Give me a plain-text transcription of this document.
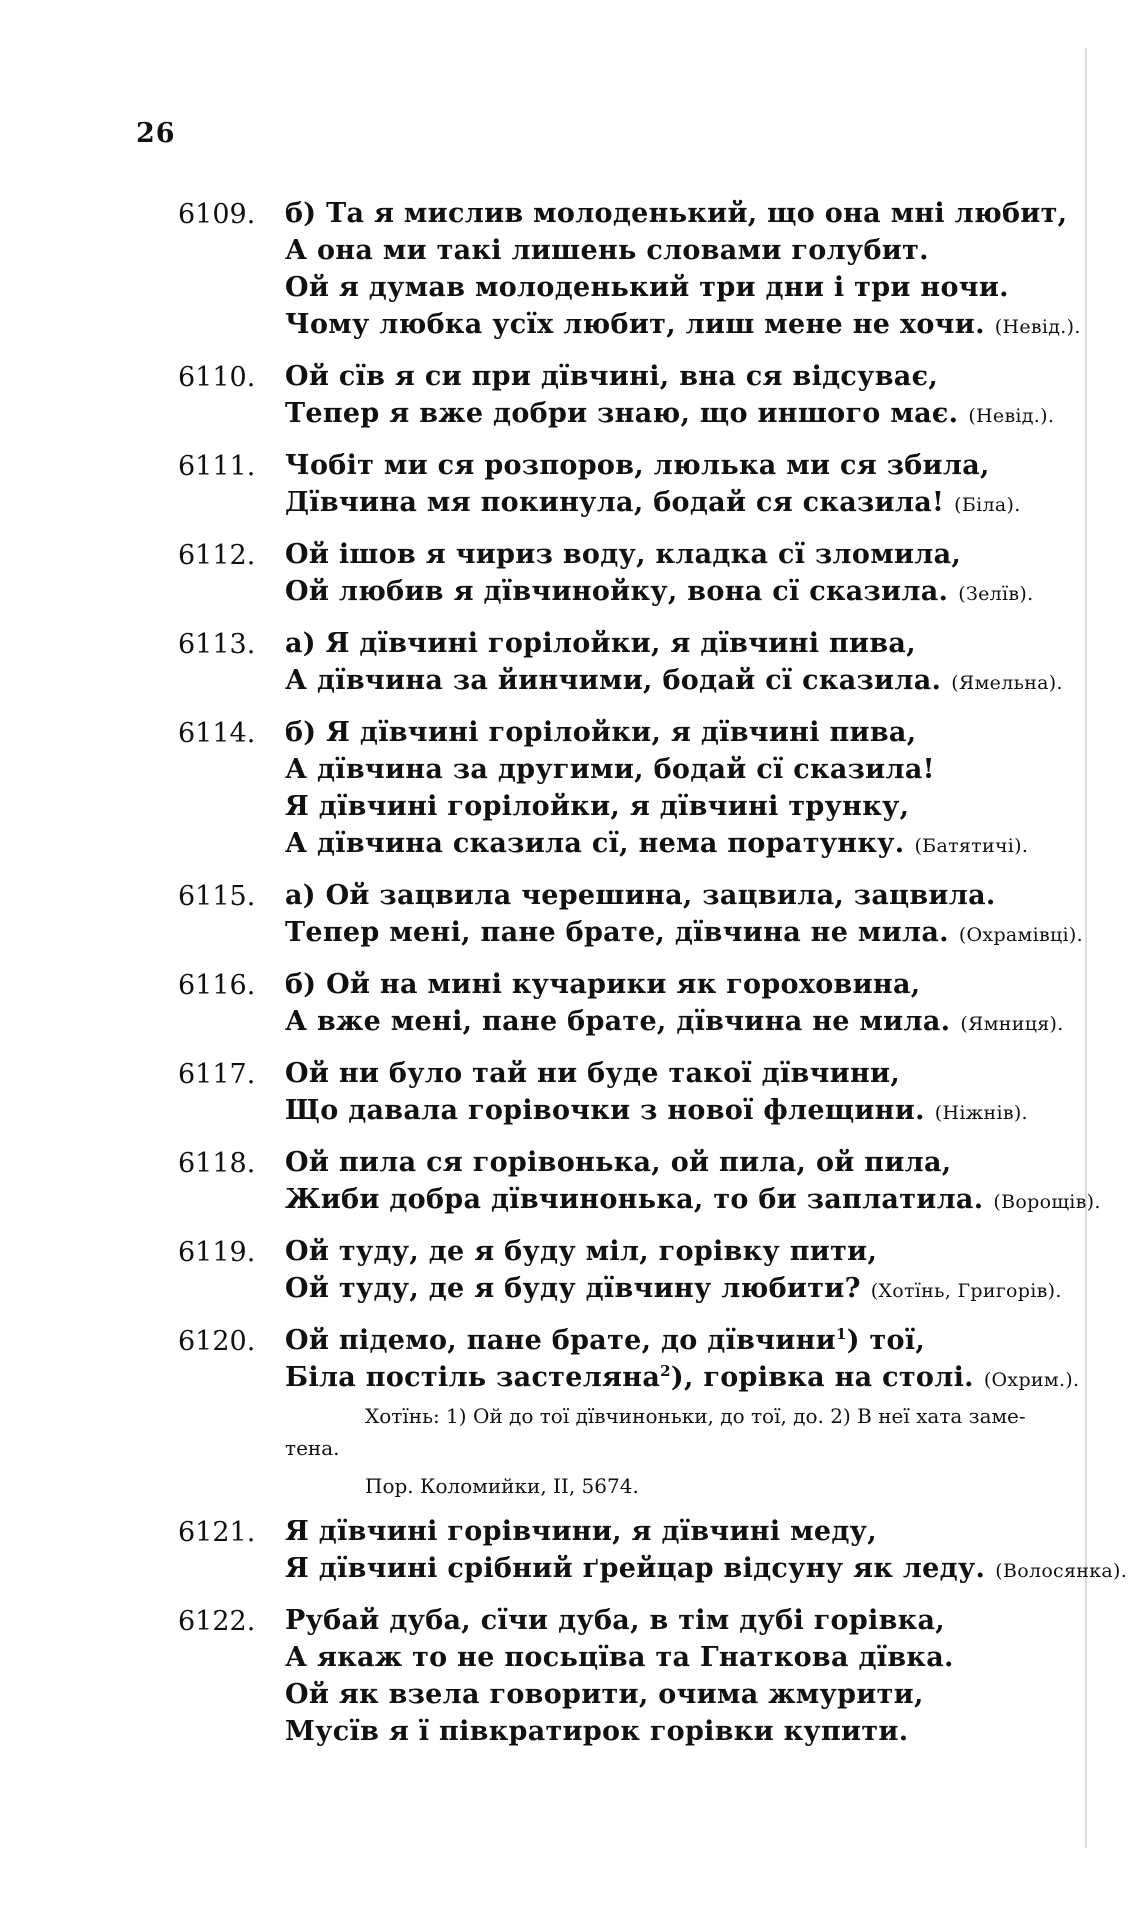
26
6109. б) Та я мислив молоденький, що она мні любит,
А она ми такі лишень словами голубит.
Ой я думав молоденький три дни і три ночи.
Чому любка усїх любит, лиш мене не хочи. (Невід.).
6110. Ой сїв я си при дївчині, вна ся відсуває,
Тепер я вже добри знаю, що иншого має. (Невід.).
6111. Чобіт ми ся розпоров, люлька ми ся збила,
Дївчина мя покинула, бодай ся сказила! (Біла).
6112. Ой ішов я чириз воду, кладка сї зломила,
Ой любив я дївчинойку, вона сї сказила. (Зелїв).
6113. а) Я дївчині горілойки, я дївчині пива,
А дївчина за йинчими, бодай сї сказила. (Ямельна).
6114. б) Я дївчині горілойки, я дївчині пива,
А дївчина за другими, бодай сї сказила!
Я дївчині горілойки, я дївчині трунку,
А дївчина сказила сї, нема поратунку. (Батятичі).
6115. а) Ой зацвила черешина, зацвила, зацвила.
Тепер мені, пане брате, дївчина не мила. (Охрамівці).
6116. б) Ой на мині кучарики як гороховина,
А вже мені, пане брате, дївчина не мила. (Ямниця).
6117. Ой ни було тай ни буде такої дївчини,
Що давала горівочки з нової флещини. (Ніжнів).
6118. Ой пила ся горівонька, ой пила, ой пила,
Жиби добра дївчинонька, то би заплатила. (Ворощів).
6119. Ой туду, де я буду міл, горівку пити,
Ой туду, де я буду дївчину любити? (Хотїнь, Григорів).
6120. Ой підемо, пане брате, до дївчини$^1$) тої,
Біла постіль застеляна$^2$), горівка на столі. (Охрим.).
Хотїнь: 1) Ой до тої дївчиноньки, до тої, до. 2) В неї хата заме-
тена.
Пор. Коломийки, II, 5674.
6121. Я дївчині горівчини, я дївчині меду,
Я дївчині срібний ґрейцар відсуну як леду. (Волосянка).
6122. Рубай дуба, сїчи дуба, в тім дубі горівка,
А якаж то не посьцїва та Гнаткова дївка.
Ой як взела говорити, очима жмурити,
Мусїв я ї півкратирок горівки купити.
